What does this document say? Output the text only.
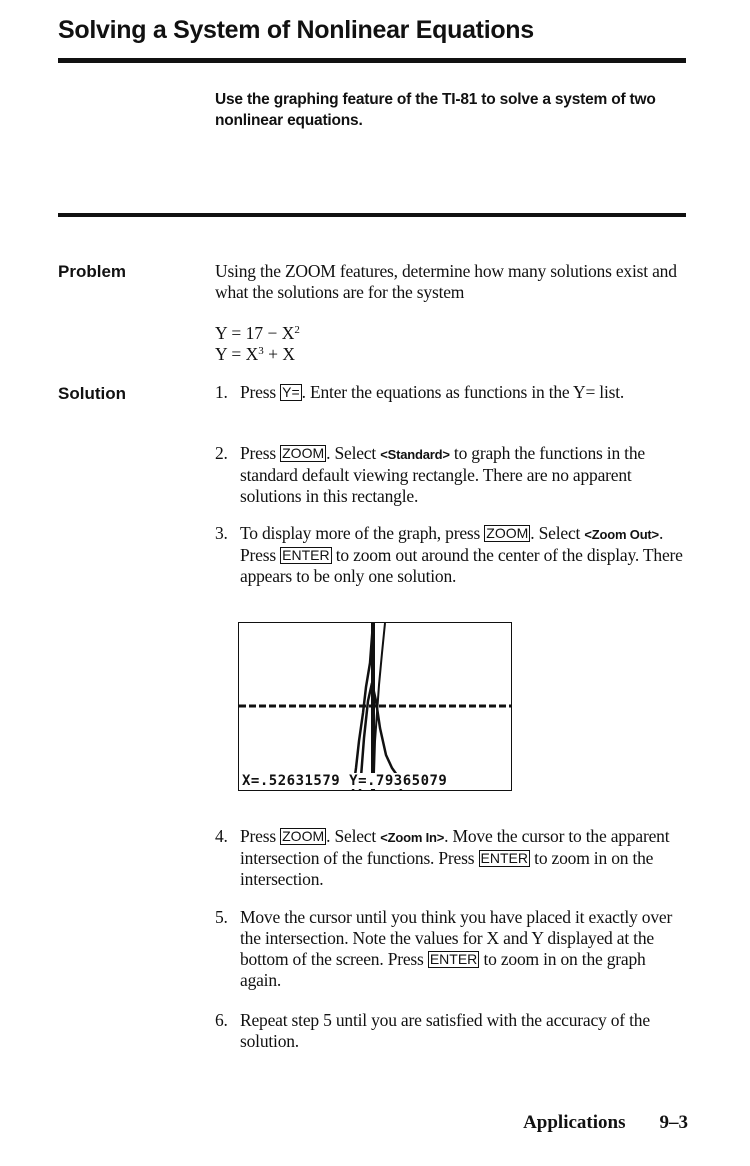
Solving a System of Nonlinear Equations
Use the graphing feature of the TI-81 to solve a system of two nonlinear equations.
Problem	Using the ZOOM features, determine how many solutions exist and what the solutions are for the system
$Y = 17 - X^2$
$Y = X^3 + X$
Solution	1. Press Y= . Enter the equations as functions in the Y= list.
2. Press ZOOM . Select <Standard> to graph the functions in the standard default viewing rectangle. There are no apparent solutions in this rectangle.
3. To display more of the graph, press ZOOM . Select <Zoom Out>. Press ENTER to zoom out around the center of the display. There appears to be only one solution.
X=.52631579 Y=.79365079
4. Press ZOOM . Select <Zoom In>. Move the cursor to the apparent intersection of the functions. Press ENTER to zoom in on the intersection.
5. Move the cursor until you think you have placed it exactly over the intersection. Note the values for X and Y displayed at the bottom of the screen. Press ENTER to zoom in on the graph again.
6. Repeat step 5 until you are satisfied with the accuracy of the solution.
Applications 9–3
